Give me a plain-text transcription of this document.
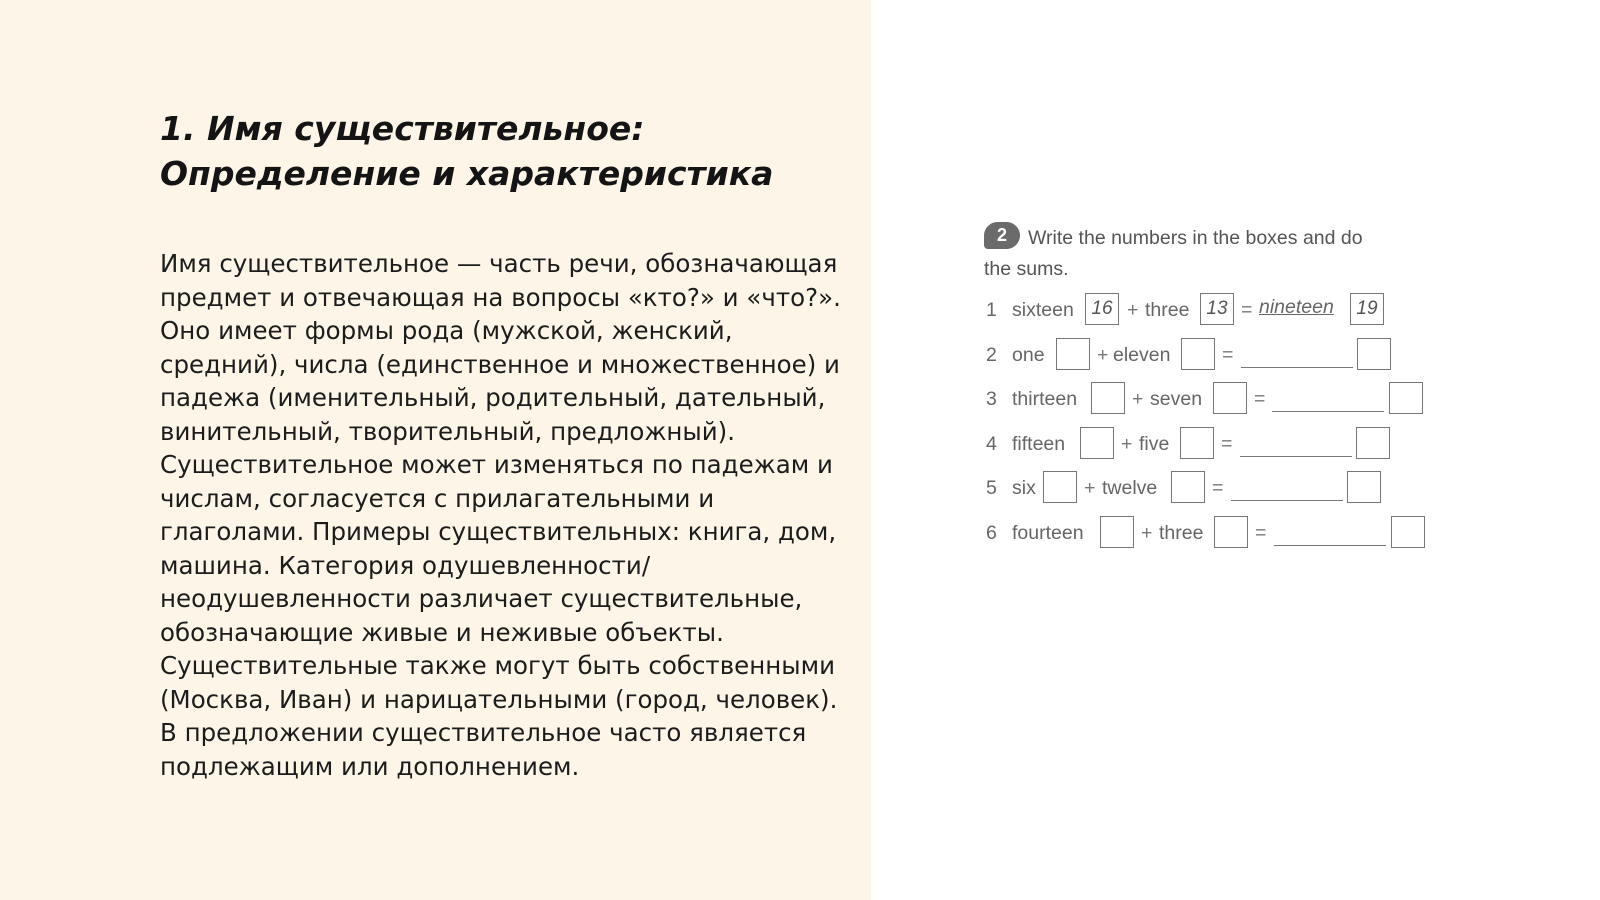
1. Имя существительное:
Определение и характеристика

Имя существительное — часть речи, обозначающая предмет и отвечающая на вопросы «кто?» и «что?». Оно имеет формы рода (мужской, женский, средний), числа (единственное и множественное) и падежа (именительный, родительный, дательный, винительный, творительный, предложный). Существительное может изменяться по падежам и числам, согласуется с прилагательными и глаголами. Примеры существительных: книга, дом, машина. Категория одушевленности/неодушевленности различает существительные, обозначающие живые и неживые объекты. Существительные также могут быть собственными (Москва, Иван) и нарицательными (город, человек). В предложении существительное часто является подлежащим или дополнением.

2 Write the numbers in the boxes and do
the sums.
1 sixteen 16 + three 13 = nineteen	19
2 one	+ eleven	=
3 thirteen	+ seven	=
4 fifteen	+ five	=
5 six + twelve	=
6 fourteen	+ three	=
